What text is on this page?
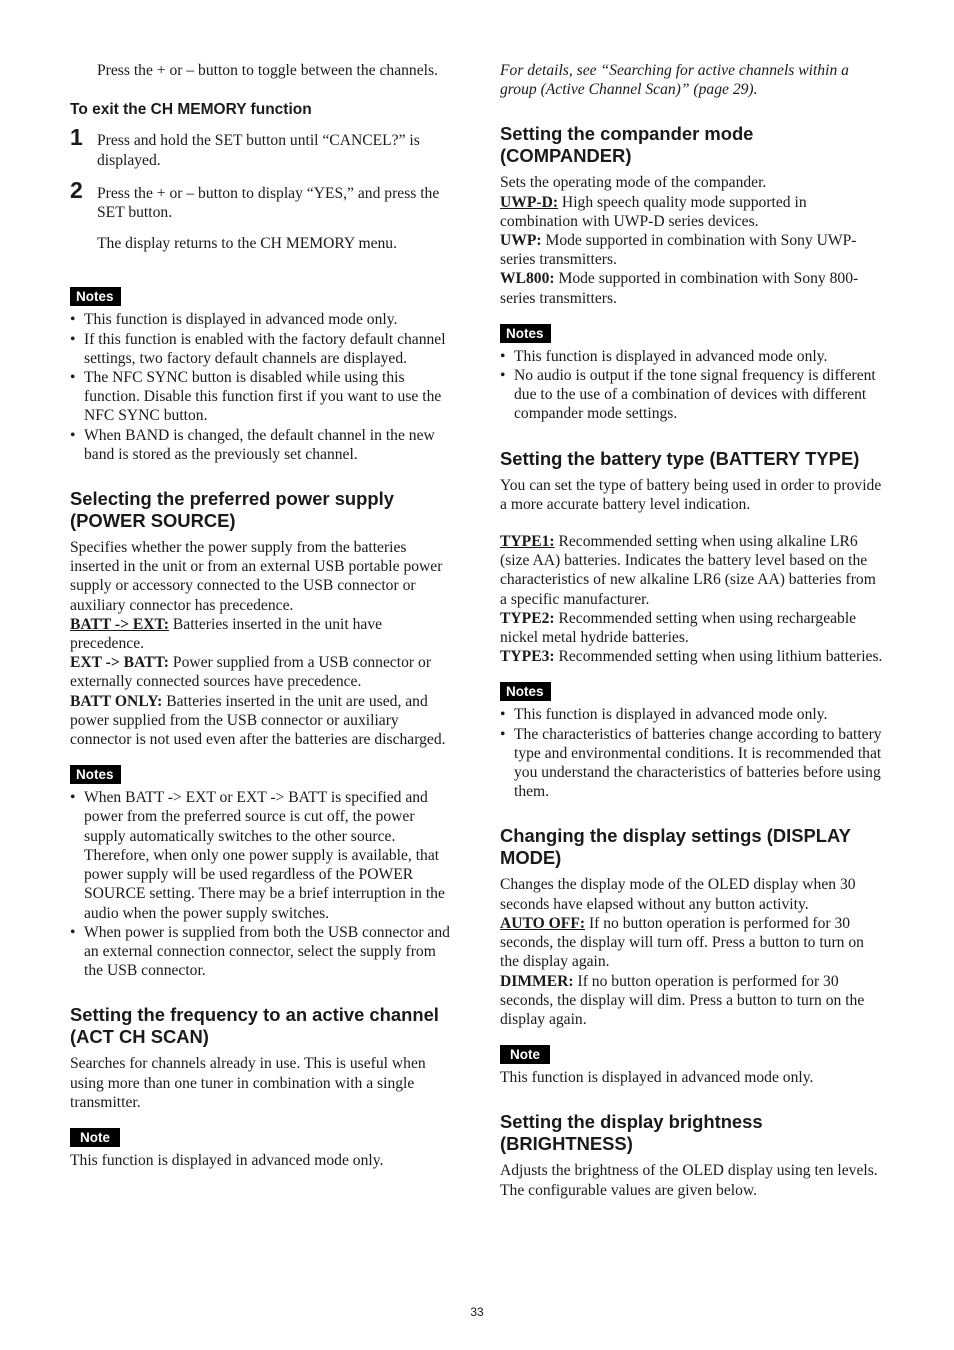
Press the + or – button to toggle between the channels.

To exit the CH MEMORY function
1 Press and hold the SET button until “CANCEL?” is displayed.
2 Press the + or – button to display “YES,” and press the SET button.

The display returns to the CH MEMORY menu.

Notes
• This function is displayed in advanced mode only.
• If this function is enabled with the factory default channel settings, two factory default channels are displayed.
• The NFC SYNC button is disabled while using this function. Disable this function first if you want to use the NFC SYNC button.
• When BAND is changed, the default channel in the new band is stored as the previously set channel.
Selecting the preferred power supply (POWER SOURCE)

Specifies whether the power supply from the batteries inserted in the unit or from an external USB portable power supply or accessory connected to the USB connector or auxiliary connector has precedence.

BATT -> EXT: Batteries inserted in the unit have precedence.

EXT -> BATT: Power supplied from a USB connector or externally connected sources have precedence.

BATT ONLY: Batteries inserted in the unit are used, and power supplied from the USB connector or auxiliary connector is not used even after the batteries are discharged.

Notes
• When BATT -> EXT or EXT -> BATT is specified and power from the preferred source is cut off, the power supply automatically switches to the other source. Therefore, when only one power supply is available, that power supply will be used regardless of the POWER SOURCE setting. There may be a brief interruption in the audio when the power supply switches.
• When power is supplied from both the USB connector and an external connection connector, select the supply from the USB connector.
Setting the frequency to an active channel (ACT CH SCAN)

Searches for channels already in use. This is useful when using more than one tuner in combination with a single transmitter.

Note

This function is displayed in advanced mode only.

For details, see “Searching for active channels within a group (Active Channel Scan)” (page 29).

Setting the compander mode (COMPANDER)

Sets the operating mode of the compander.

UWP-D: High speech quality mode supported in combination with UWP-D series devices.

UWP: Mode supported in combination with Sony UWP-series transmitters.

WL800: Mode supported in combination with Sony 800-series transmitters.

Notes
• This function is displayed in advanced mode only.
• No audio is output if the tone signal frequency is different due to the use of a combination of devices with different compander mode settings.
Setting the battery type (BATTERY TYPE)

You can set the type of battery being used in order to provide a more accurate battery level indication.

TYPE1: Recommended setting when using alkaline LR6 (size AA) batteries. Indicates the battery level based on the characteristics of new alkaline LR6 (size AA) batteries from a specific manufacturer.

TYPE2: Recommended setting when using rechargeable nickel metal hydride batteries.

TYPE3: Recommended setting when using lithium batteries.

Notes
• This function is displayed in advanced mode only.
• The characteristics of batteries change according to battery type and environmental conditions. It is recommended that you understand the characteristics of batteries before using them.
Changing the display settings (DISPLAY MODE)

Changes the display mode of the OLED display when 30 seconds have elapsed without any button activity.

AUTO OFF: If no button operation is performed for 30 seconds, the display will turn off. Press a button to turn on the display again.

DIMMER: If no button operation is performed for 30 seconds, the display will dim. Press a button to turn on the display again.

Note

This function is displayed in advanced mode only.

Setting the display brightness (BRIGHTNESS)

Adjusts the brightness of the OLED display using ten levels.

The configurable values are given below.

33
